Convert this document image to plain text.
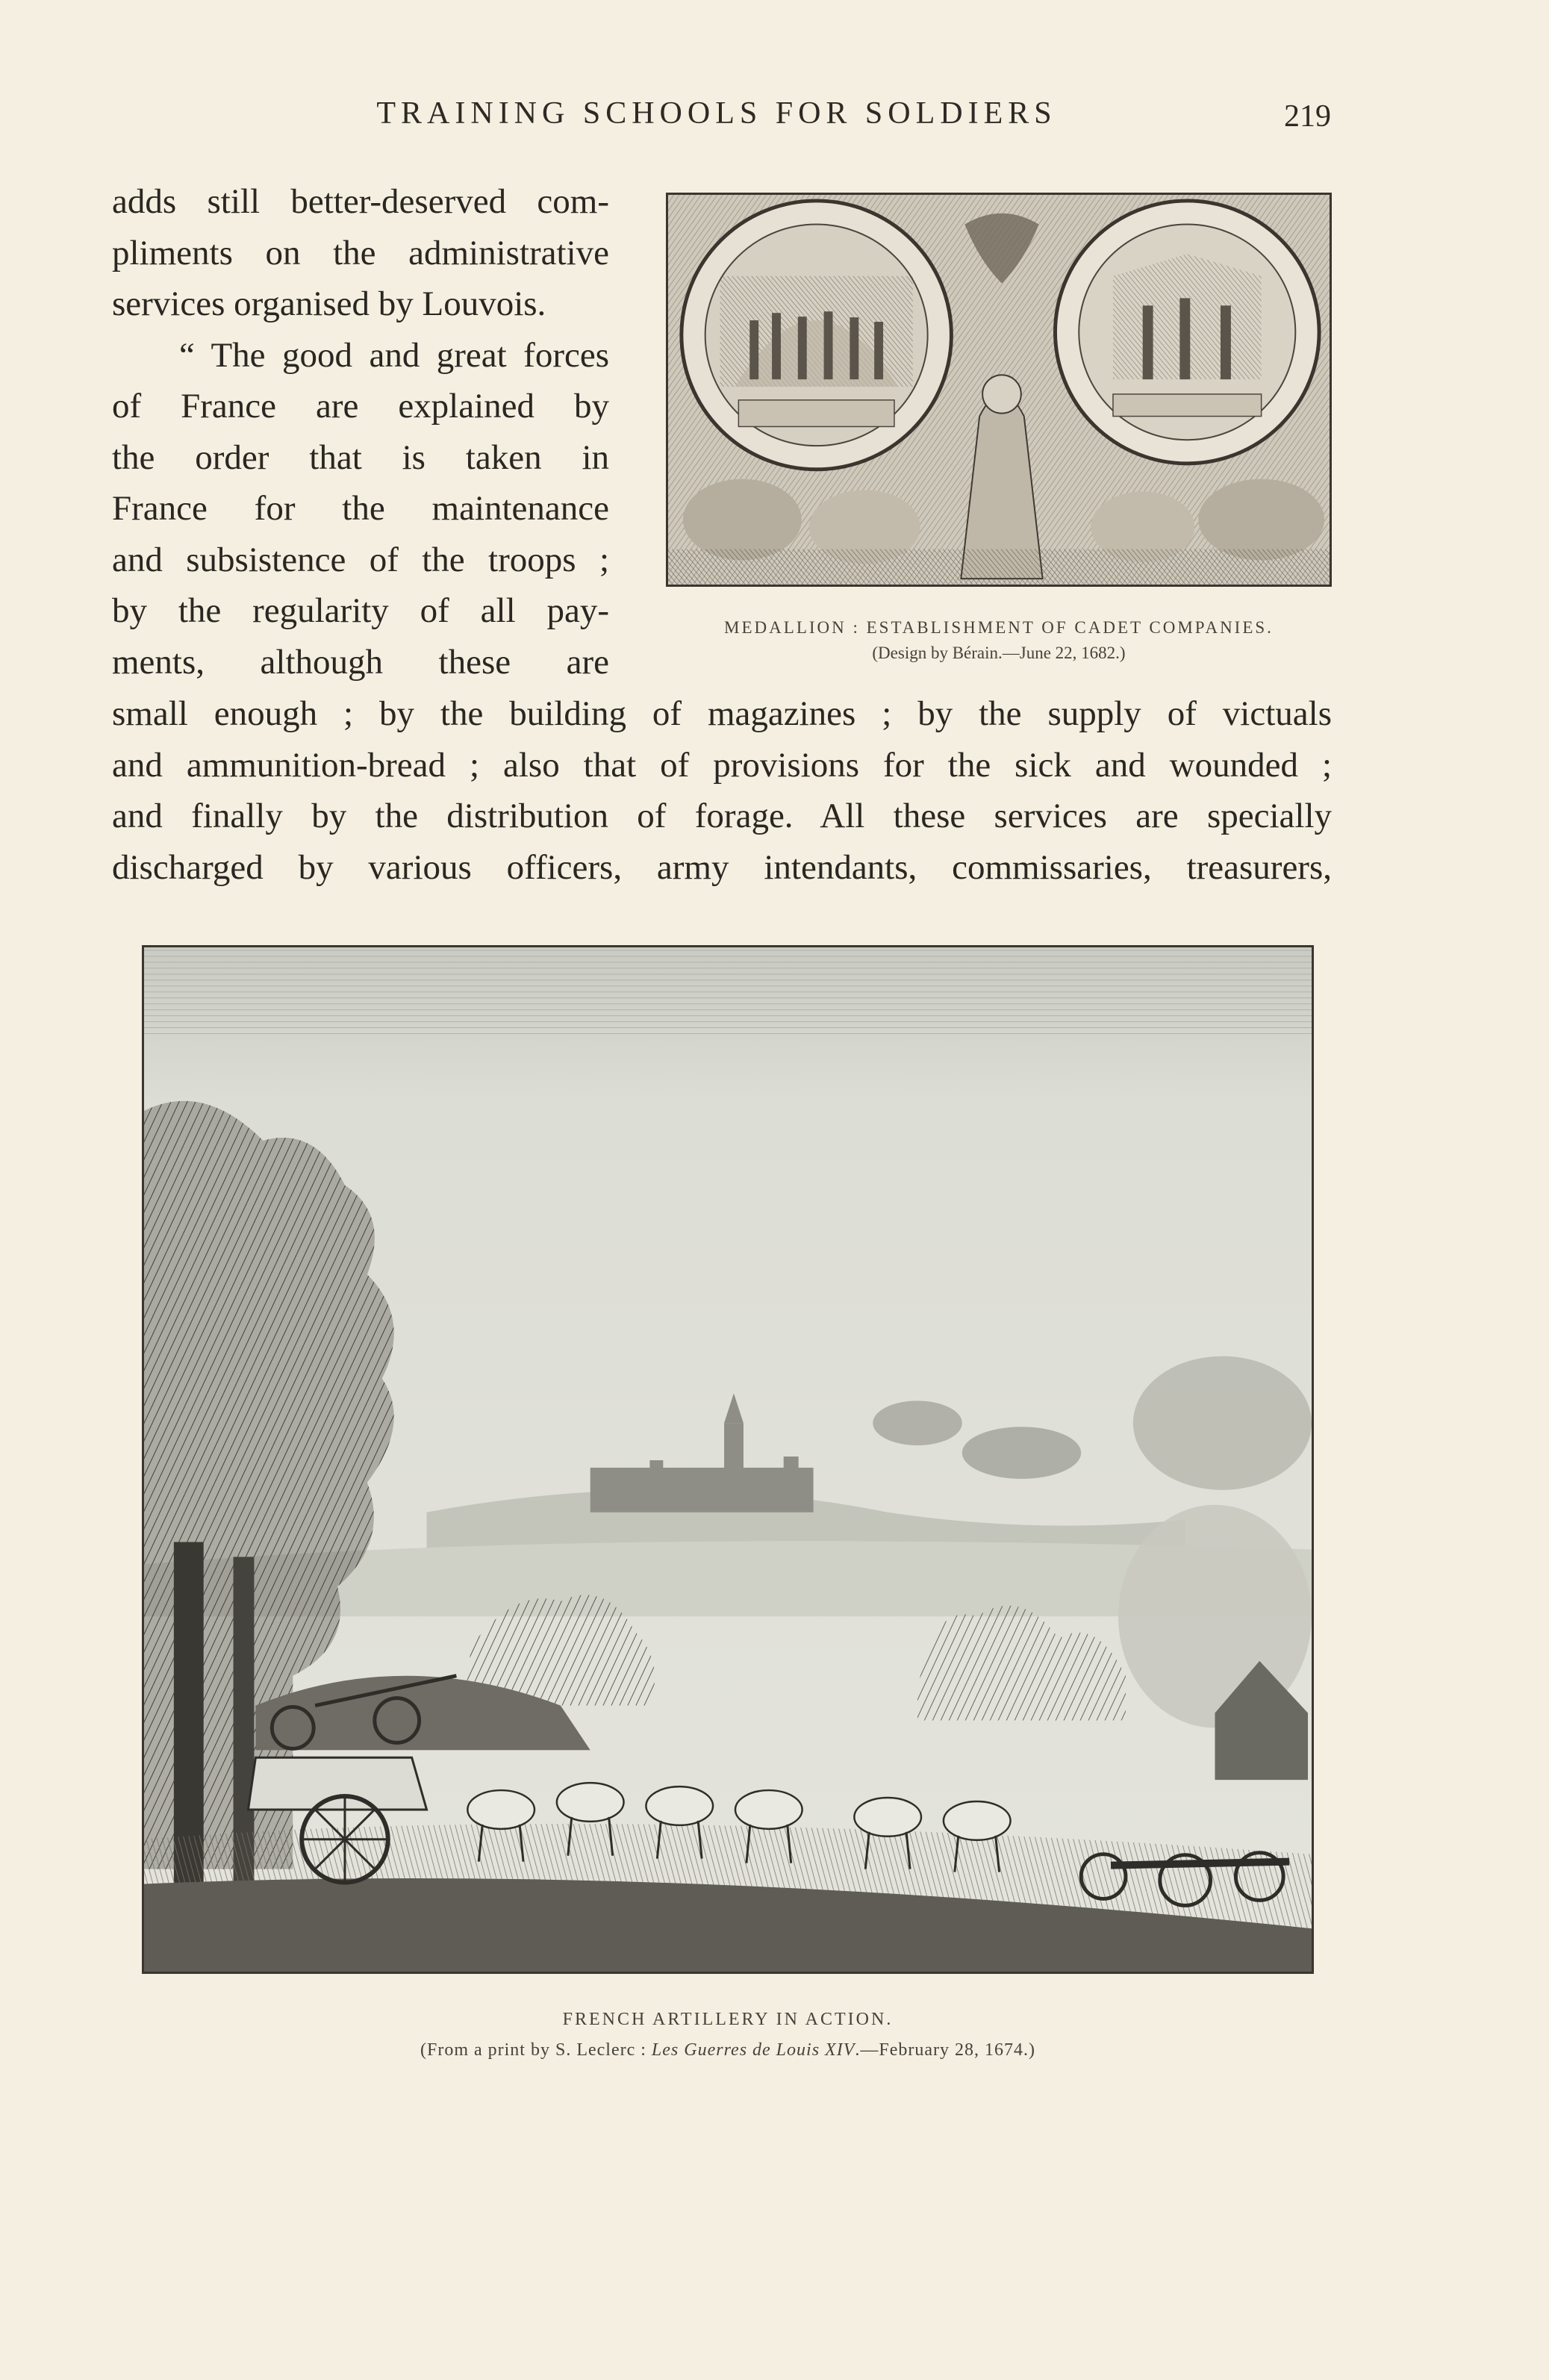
TRAINING SCHOOLS FOR SOLDIERS	219
adds still better-deserved com-
pliments on the administrative
services organised by Louvois.
“ The good and great forces
of France are explained by
the order that is taken in
France for the maintenance
and subsistence of the troops ;
by the regularity of all pay-
ments, although these are
MEDALLION : ESTABLISHMENT OF CADET COMPANIES.
(Design by Bérain.—June 22, 1682.)
small enough ; by the building of magazines ; by the supply of victuals
and ammunition-bread ; also that of provisions for the sick and wounded ;
and finally by the distribution of forage. All these services are specially
discharged by various officers, army intendants, commissaries, treasurers,
FRENCH ARTILLERY IN ACTION.
(From a print by S. Leclerc : Les Guerres de Louis XIV.—February 28, 1674.)
